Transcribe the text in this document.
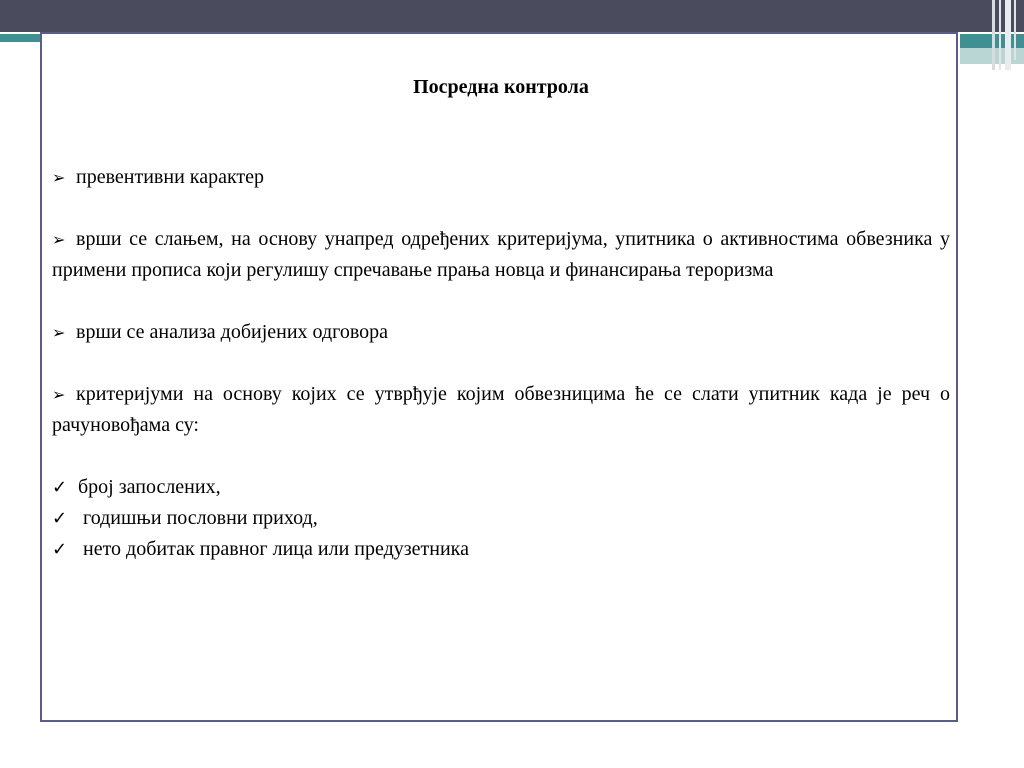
Посредна контрола

➢ превентивни карактер

➢ врши се слањем, на основу унапред одређених критеријума, упитника о активностима обвезника у примени прописа који регулишу спречавање прања новца и финансирања тероризма

➢ врши се анализа добијених одговора

➢ критеријуми на основу којих се утврђује којим обвезницима ће се слати упитник када је реч о рачуновођама су:

✓ број запослених,

✓ годишњи пословни приход,

✓ нето добитак правног лица или предузетника
